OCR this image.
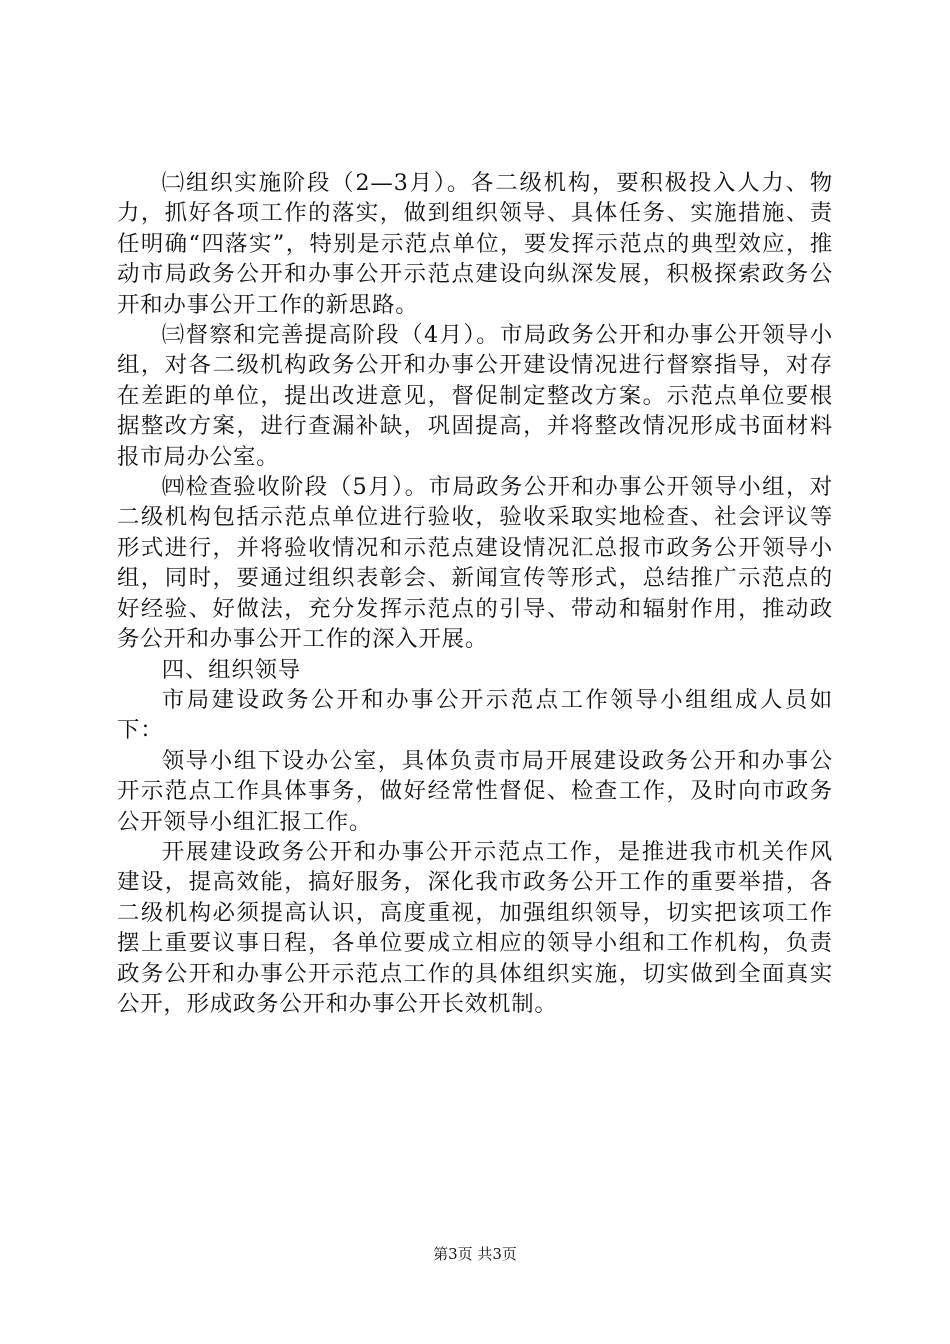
㈡组织实施阶段（2—3月）。各二级机构，要积极投入人力、物力，抓好各项工作的落实，做到组织领导、具体任务、实施措施、责任明确“四落实”，特别是示范点单位，要发挥示范点的典型效应，推动市局政务公开和办事公开示范点建设向纵深发展，积极探索政务公开和办事公开工作的新思路。

㈢督察和完善提高阶段（4月）。市局政务公开和办事公开领导小组，对各二级机构政务公开和办事公开建设情况进行督察指导，对存在差距的单位，提出改进意见，督促制定整改方案。示范点单位要根据整改方案，进行查漏补缺，巩固提高，并将整改情况形成书面材料报市局办公室。

㈣检查验收阶段（5月）。市局政务公开和办事公开领导小组，对二级机构包括示范点单位进行验收，验收采取实地检查、社会评议等形式进行，并将验收情况和示范点建设情况汇总报市政务公开领导小组，同时，要通过组织表彰会、新闻宣传等形式，总结推广示范点的好经验、好做法，充分发挥示范点的引导、带动和辐射作用，推动政务公开和办事公开工作的深入开展。

四、组织领导

市局建设政务公开和办事公开示范点工作领导小组组成人员如下：

领导小组下设办公室，具体负责市局开展建设政务公开和办事公开示范点工作具体事务，做好经常性督促、检查工作，及时向市政务公开领导小组汇报工作。

开展建设政务公开和办事公开示范点工作，是推进我市机关作风建设，提高效能，搞好服务，深化我市政务公开工作的重要举措，各二级机构必须提高认识，高度重视，加强组织领导，切实把该项工作摆上重要议事日程，各单位要成立相应的领导小组和工作机构，负责政务公开和办事公开示范点工作的具体组织实施，切实做到全面真实公开，形成政务公开和办事公开长效机制。

第3页 共3页
